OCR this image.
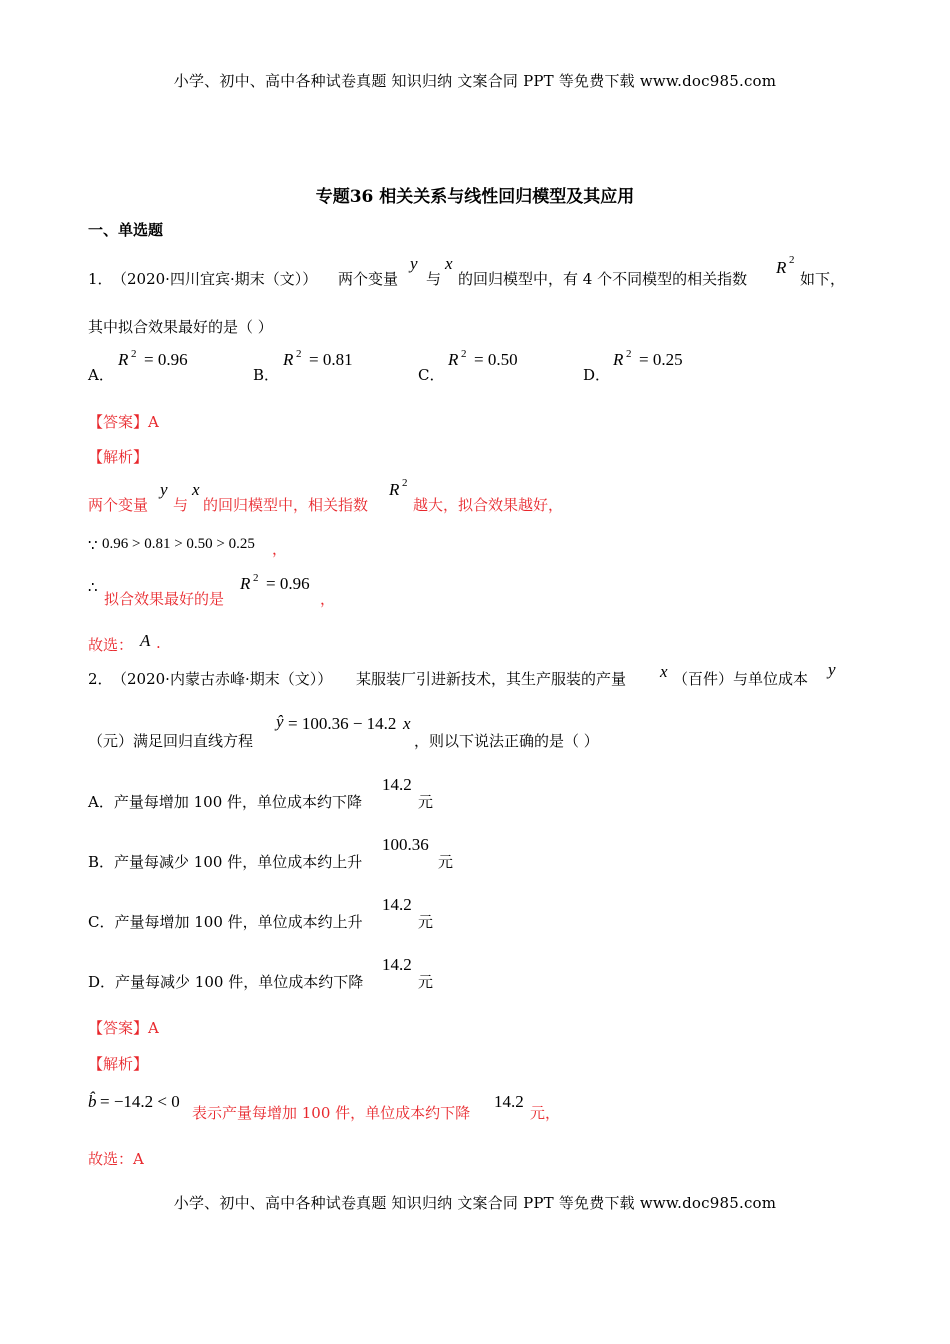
小学、初中、高中各种试卷真题 知识归纳 文案合同 PPT 等免费下载 www.doc985.com
专题36 相关关系与线性回归模型及其应用
一、单选题
1． （2020·四川宜宾·期末（文）） 两个变量
y
与
x
的回归模型中，有 4 个不同模型的相关指数
R 2
如下，
其中拟合效果最好的是（ ）
A．
R 2 = 0.96
B．
R 2 = 0.81
C．
R 2 = 0.50
D．
R 2 = 0.25
【答案】A
【解析】
两个变量
y
与
x
的回归模型中，相关指数
R 2
越大，拟合效果越好，
∵ 0.96 > 0.81 > 0.50 > 0.25 ，
∴
拟合效果最好的是
R 2 = 0.96
，
故选： A .
2． （2020·内蒙古赤峰·期末（文）） 某服装厂引进新技术，其生产服装的产量 x （百件）与单位成本 y
（元）满足回归直线方程
ŷ = 100.36 − 14.2 x
，则以下说法正确的是（ ）
A．产量每增加 100 件，单位成本约下降
14.2
元
B．产量每减少 100 件，单位成本约上升
100.36
元
C．产量每增加 100 件，单位成本约上升
14.2
元
D．产量每减少 100 件，单位成本约下降
14.2
元
【答案】A
【解析】
b̂ = −14.2 < 0
表示产量每增加 100 件，单位成本约下降
14.2
元，
故选：A
小学、初中、高中各种试卷真题 知识归纳 文案合同 PPT 等免费下载 www.doc985.com
